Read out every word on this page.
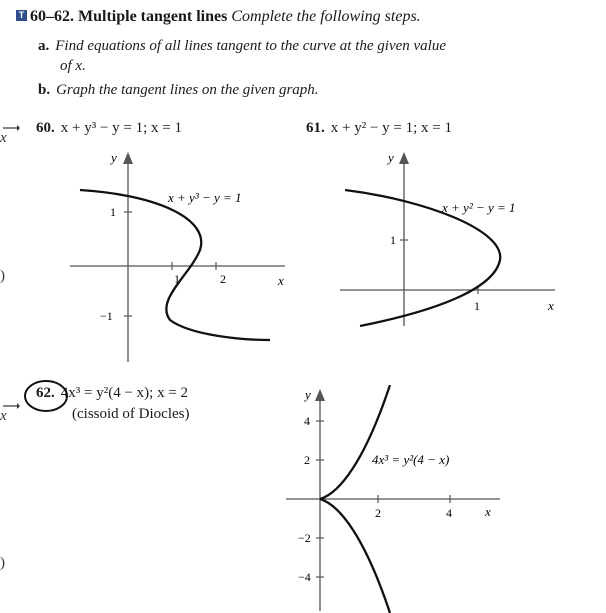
T 60–62. Multiple tangent lines Complete the following steps.
a. Find equations of all lines tangent to the curve at the given value
of x.
b. Graph the tangent lines on the given graph.
60. x + y³ − y = 1; x = 1	61. x + y² − y = 1; x = 1
62. 4x³ = y²(4 − x); x = 2
(cissoid of Diocles)
x
)
x
)
y
x
1	2
1
−1
x + y³ − y = 1
y
x
1
1
x + y² − y = 1
y
x
2	4
4
2
−2
−4
4x³ = y²(4 − x)
